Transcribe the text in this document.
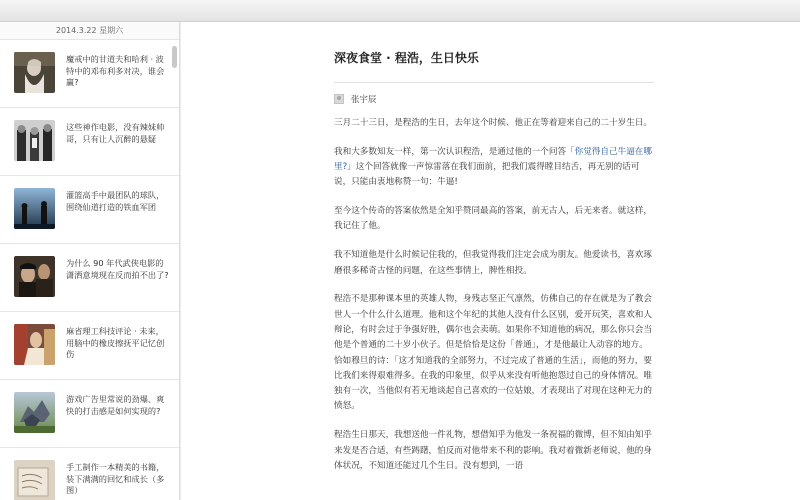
2014.3.22 星期六
魔戒中的甘道夫和哈利 · 波特中的邓布利多对决，谁会赢?
这些神作电影，没有辣妹帅哥，只有让人沉醉的悬疑
灌篮高手中最团队的球队，围绕仙道打造的铁血军团
为什么 90 年代武侠电影的潇洒意境现在反而拍不出了?
麻省理工科技评论 · 未来，用脑中的橡皮擦抚平记忆创伤
游戏广告里常说的劲爆、爽快的打击感是如何实现的?
手工制作一本精美的书籍，装下满满的回忆和成长（多图）
深夜食堂 · 程浩，生日快乐
张宇辰

三月二十三日，是程浩的生日，去年这个时候、他正在等着迎来自己的二十岁生日。

我和大多数知友一样，第一次认识程浩，是通过他的一个问答「你觉得自己牛逼在哪里?」这个回答就像一声惊雷落在我们面前，把我们震得瞠目结舌，再无别的话可说，只能由衷地称赞一句：牛逼!

至今这个传奇的答案依然是全知乎赞同最高的答案，前无古人，后无来者。就这样，我记住了他。

我不知道他是什么时候记住我的，但我觉得我们注定会成为朋友。他爱读书，喜欢琢磨很多稀奇古怪的问题，在这些事情上，脾性相投。

程浩不是那种课本里的英雄人物，身残志坚正气凛然，仿佛自己的存在就是为了教会世人一个什么什么道理。他和这个年纪的其他人没有什么区别，爱开玩笑，喜欢和人辩论，有时会过于争强好胜，偶尔也会卖萌。如果你不知道他的病况，那么你只会当他是个普通的二十岁小伙子。但是恰恰是这份「普通」，才是他最让人动容的地方。恰如穆旦的诗：「这才知道我的全部努力，不过完成了普通的生活」，而他的努力，要比我们来得艰难得多。在我的印象里，似乎从来没有听他抱怨过自己的身体情况。唯独有一次，当他似有若无地谈起自己喜欢的一位姑娘，才表现出了对现在这种无力的愤怒。

程浩生日那天，我想送他一件礼物，想借知乎为他发一条祝福的微博，但不知由知乎来发是否合适，有些踌躇，怕反而对他带来不利的影响。我对着微新老师说，他的身体状况，不知道还能过几个生日。没有想到，一语
